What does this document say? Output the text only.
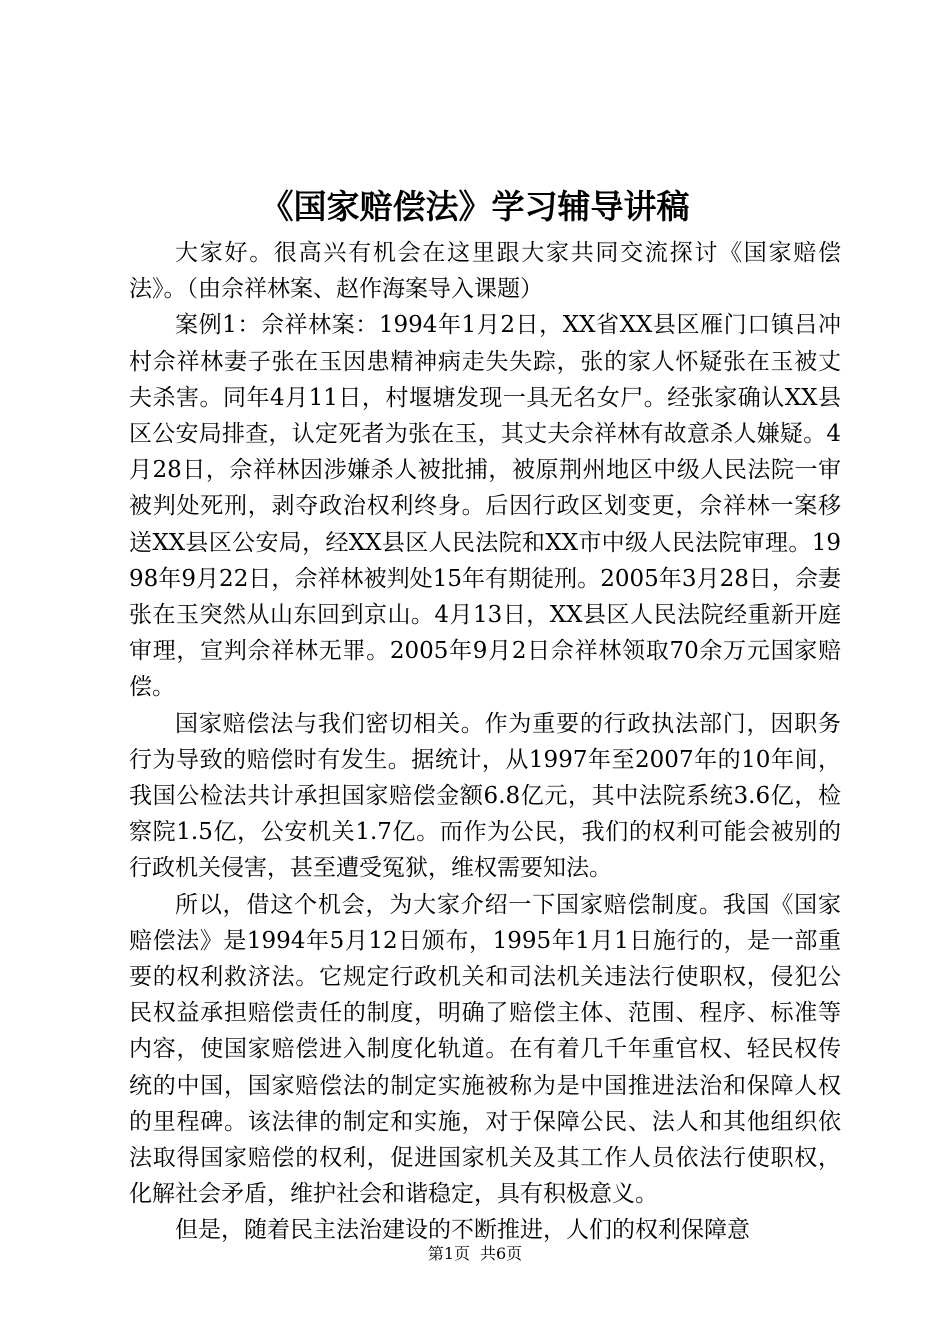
《国家赔偿法》学习辅导讲稿

大家好。很高兴有机会在这里跟大家共同交流探讨《国家赔偿法》。（由佘祥林案、赵作海案导入课题）

案例1：佘祥林案：1994年1月2日，XX省XX县区雁门口镇吕冲村佘祥林妻子张在玉因患精神病走失失踪，张的家人怀疑张在玉被丈夫杀害。同年4月11日，村堰塘发现一具无名女尸。经张家确认XX县区公安局排查，认定死者为张在玉，其丈夫佘祥林有故意杀人嫌疑。4月28日，佘祥林因涉嫌杀人被批捕，被原荆州地区中级人民法院一审被判处死刑，剥夺政治权利终身。后因行政区划变更，佘祥林一案移送XX县区公安局，经XX县区人民法院和XX市中级人民法院审理。1998年9月22日，佘祥林被判处15年有期徒刑。2005年3月28日，佘妻张在玉突然从山东回到京山。4月13日，XX县区人民法院经重新开庭审理，宣判佘祥林无罪。2005年9月2日佘祥林领取70余万元国家赔偿。

国家赔偿法与我们密切相关。作为重要的行政执法部门，因职务行为导致的赔偿时有发生。据统计，从1997年至2007年的10年间，我国公检法共计承担国家赔偿金额6.8亿元，其中法院系统3.6亿，检察院1.5亿，公安机关1.7亿。而作为公民，我们的权利可能会被别的行政机关侵害，甚至遭受冤狱，维权需要知法。

所以，借这个机会，为大家介绍一下国家赔偿制度。我国《国家赔偿法》是1994年5月12日颁布，1995年1月1日施行的，是一部重要的权利救济法。它规定行政机关和司法机关违法行使职权，侵犯公民权益承担赔偿责任的制度，明确了赔偿主体、范围、程序、标准等内容，使国家赔偿进入制度化轨道。在有着几千年重官权、轻民权传统的中国，国家赔偿法的制定实施被称为是中国推进法治和保障人权的里程碑。该法律的制定和实施，对于保障公民、法人和其他组织依法取得国家赔偿的权利，促进国家机关及其工作人员依法行使职权，化解社会矛盾，维护社会和谐稳定，具有积极意义。

但是，随着民主法治建设的不断推进，人们的权利保障意

第1页 共6页
